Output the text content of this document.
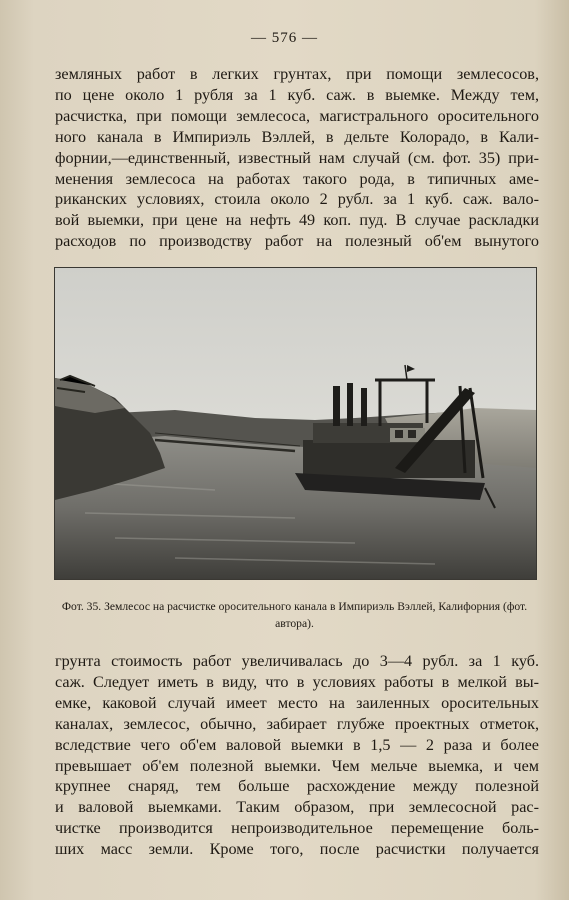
— 576 —
земляных работ в легких грунтах, при помощи землесосов,
по цене около 1 рубля за 1 куб. саж. в выемке. Между тем,
расчистка, при помощи землесоса, магистрального оросительного
ного канала в Импириэль Вэллей, в дельте Колорадо, в Кали-
форнии,—единственный, известный нам случай (см. фот. 35) при-
менения землесоса на работах такого рода, в типичных аме-
риканских условиях, стоила около 2 рубл. за 1 куб. саж. вало-
вой выемки, при цене на нефть 49 коп. пуд. В случае раскладки
расходов по производству работ на полезный об'ем вынутого
Фот. 35. Землесос на расчистке оросительного канала в Импириэль Вэллей, Калифорния (фот. автора).
грунта стоимость работ увеличивалась до 3—4 рубл. за 1 куб.
саж. Следует иметь в виду, что в условиях работы в мелкой вы-
емке, каковой случай имеет место на заиленных оросительных
каналах, землесос, обычно, забирает глубже проектных отметок,
вследствие чего об'ем валовой выемки в 1,5 — 2 раза и более
превышает об'ем полезной выемки. Чем мельче выемка, и чем
крупнее снаряд, тем больше расхождение между полезной
и валовой выемками. Таким образом, при землесосной рас-
чистке производится непроизводительное перемещение боль-
ших масс земли. Кроме того, после расчистки получается
